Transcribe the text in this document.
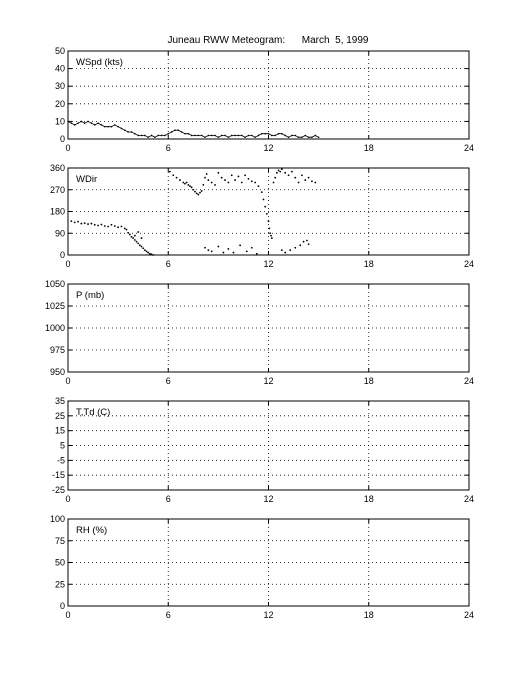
Juneau RWW Meteogram:      March  5, 1999
0	6	12	18	24
0
10
20
30
40
50
WSpd (kts)
0	6	12	18	24
0
90
180
270
360
WDir
0	6	12	18	24
950
975
1000
1025
1050
P (mb)
0	6	12	18	24
-25
-15
-5
5
15
25
35
T,Td (C)
0	6	12	18	24
0
25
50
75
100
RH (%)
